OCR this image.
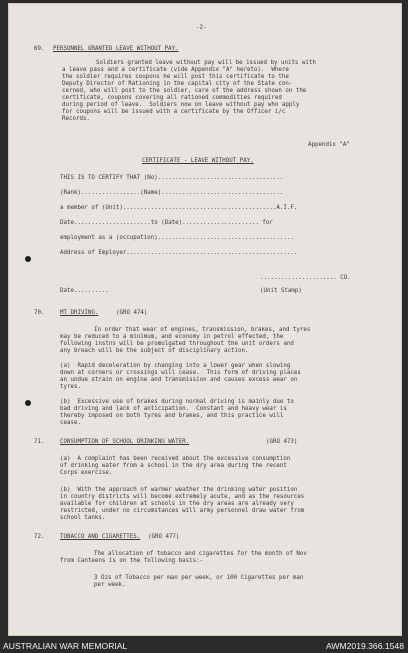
-2-
69. PERSONNEL GRANTED LEAVE WITHOUT PAY.
Soldiers granted leave without pay will be issued by units with
a leave pass and a certificate (vide Appendix "A" hereto).  Where
the soldier requires coupons he will post this certificate to the
Deputy Director of Rationing in the capital city of the State con-
cerned, who will post to the soldier, care of the address shown on the
certificate, coupons covering all rationed commodities required
during period of leave.  Soldiers now on leave without pay who apply
for coupons will be issued with a certificate by the Officer i/c
Records.
Appendix "A"
CERTIFICATE - LEAVE WITHOUT PAY.
THIS IS TO CERTIFY THAT (No)....................................
(Rank).................(Name)...................................
a member of (Unit)............................................A.I.F.
Date......................to (Date)...................... for
employment as a (occupation).......................................
Address of Employer.................................................
...................... CO.
Date..........	(Unit Stamp)
70.	MT DRIVING.	(GRO 474)
In order that wear of engines, transmission, brakes, and tyres
may be reduced to a minimum, and economy in petrol effected, the
following instns will be promulgated throughout the unit orders and
any breach will be the subject of disciplinary action.
(a)  Rapid deceleration by changing into a lower gear when slowing
down at corners or crossings will cease.  This form of driving places
an undue strain on engine and transmission and causes excess wear on
tyres.
(b)  Excessive use of brakes during normal driving is mainly due to
bad driving and lack of anticipation.  Constant and heavy wear is
thereby imposed on both tyres and brakes, and this practice will
cease.
71.	CONSUMPTION OF SCHOOL DRINKING WATER.	(GRO 473)
(a)  A complaint has been received about the excessive consumption
of drinking water from a school in the dry area during the recent
Corps exercise.
(b)  With the approach of warmer weather the drinking water position
in country districts will become extremely acute, and as the resources
available for children at schools in the dry areas are already very
restricted, under no circumstances will army personnel draw water from
school tanks.
72.	TOBACCO AND CIGARETTES. (GRO 477)
The allocation of tobacco and cigarettes for the month of Nov
from Canteens is on the following basis:-
3 Ozs of Tobacco per man per week, or 100 Cigarettes per man
per week.
AUSTRALIAN WAR MEMORIAL	AWM2019.366.1548
